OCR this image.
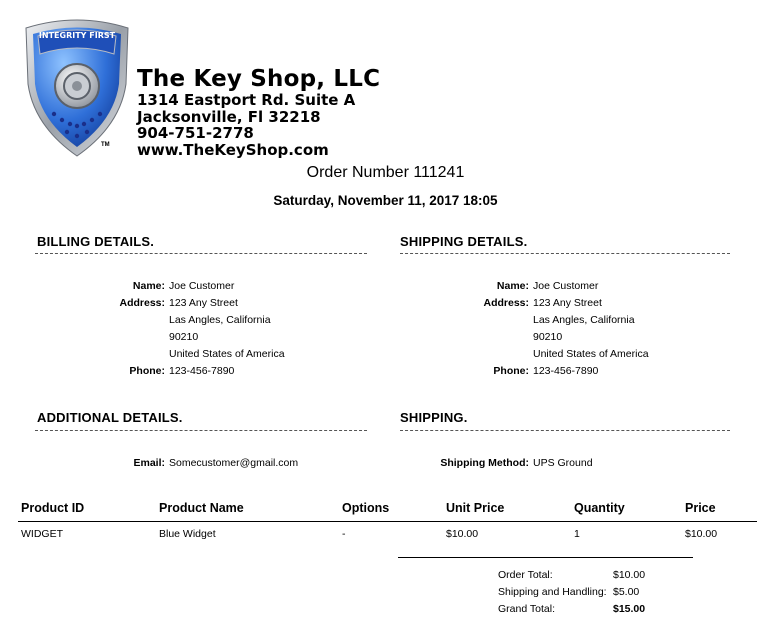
INTEGRITY FIRST
TM
The Key Shop, LLC
1314 Eastport Rd. Suite A
Jacksonville, Fl 32218
904-751-2778
www.TheKeyShop.com
Order Number 111241
Saturday, November 11, 2017 18:05
BILLING DETAILS.
Name: Joe Customer
Address: 123 Any Street
Las Angles, California
90210
United States of America
Phone: 123-456-7890
SHIPPING DETAILS.
Name: Joe Customer
Address: 123 Any Street
Las Angles, California
90210
United States of America
Phone: 123-456-7890
ADDITIONAL DETAILS.
Email: Somecustomer@gmail.com
SHIPPING.
Shipping Method: UPS Ground
Product ID	Product Name	Options	Unit Price	Quantity	Price
WIDGET	Blue Widget	-	$10.00	1	$10.00
Order Total:	$10.00
Shipping and Handling: $5.00
Grand Total:	$15.00
